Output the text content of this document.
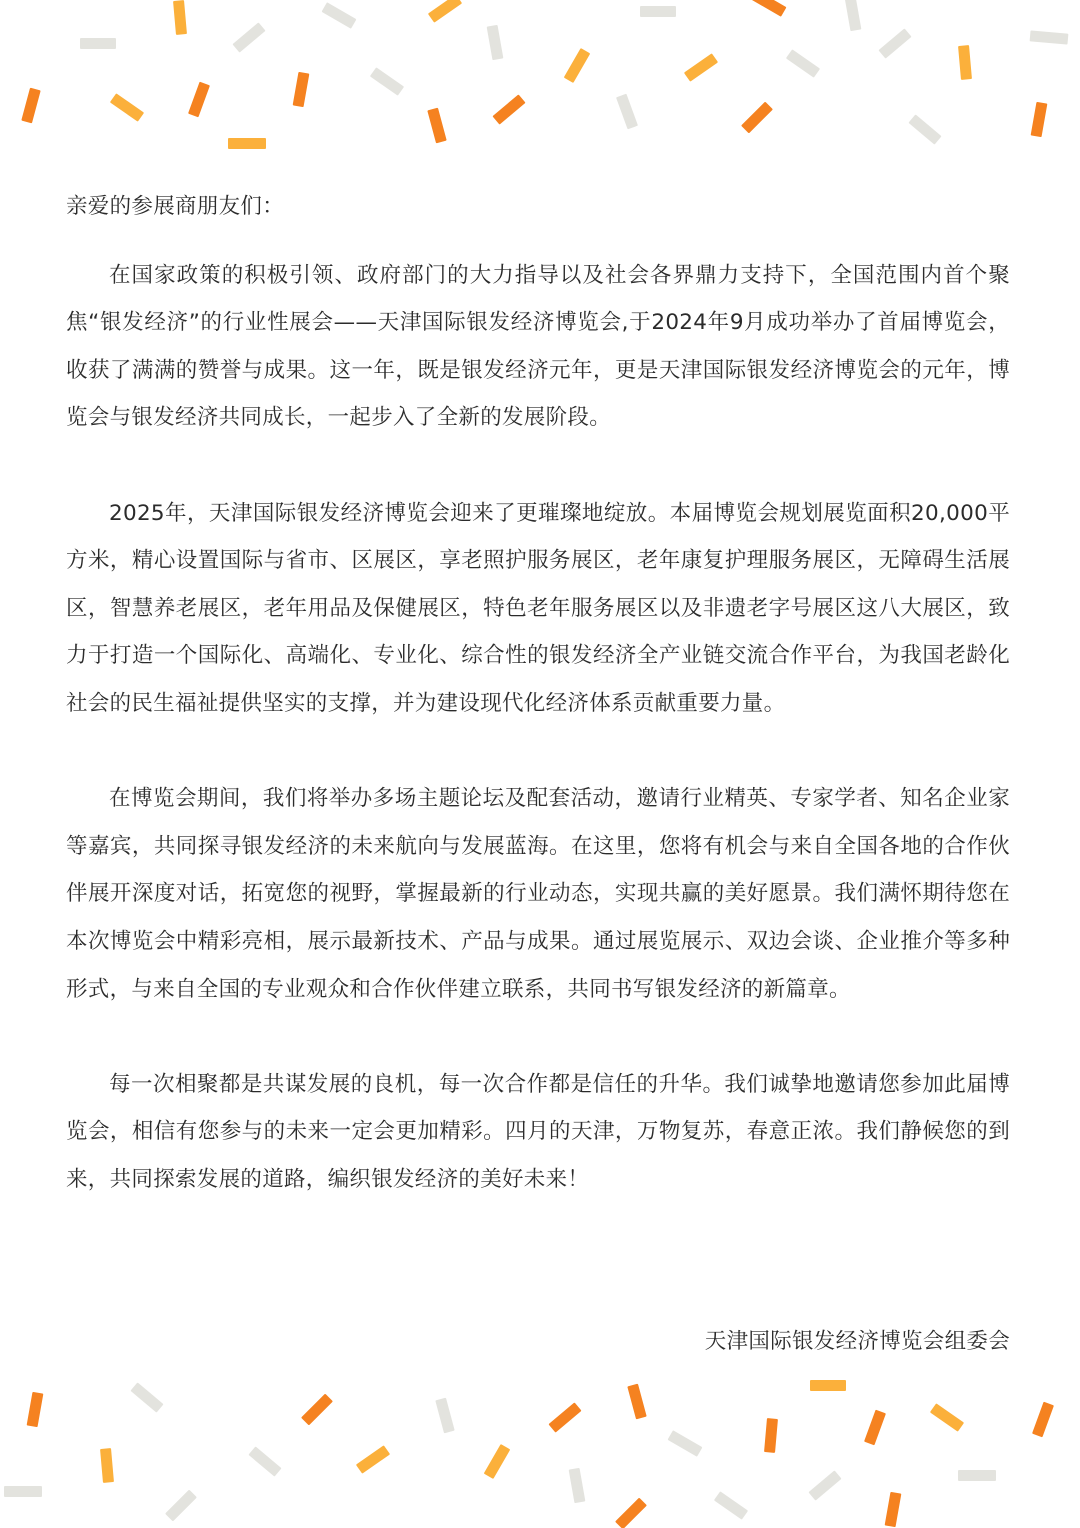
亲爱的参展商朋友们：

在国家政策的积极引领、政府部门的大力指导以及社会各界鼎力支持下，全国范围内首个聚焦“银发经济”的行业性展会——天津国际银发经济博览会,于2024年9月成功举办了首届博览会，收获了满满的赞誉与成果。这一年，既是银发经济元年，更是天津国际银发经济博览会的元年，博览会与银发经济共同成长，一起步入了全新的发展阶段。

2025年，天津国际银发经济博览会迎来了更璀璨地绽放。本届博览会规划展览面积20,000平方米，精心设置国际与省市、区展区，享老照护服务展区，老年康复护理服务展区，无障碍生活展区，智慧养老展区，老年用品及保健展区，特色老年服务展区以及非遗老字号展区这八大展区，致力于打造一个国际化、高端化、专业化、综合性的银发经济全产业链交流合作平台，为我国老龄化社会的民生福祉提供坚实的支撑，并为建设现代化经济体系贡献重要力量。

在博览会期间，我们将举办多场主题论坛及配套活动，邀请行业精英、专家学者、知名企业家等嘉宾，共同探寻银发经济的未来航向与发展蓝海。在这里，您将有机会与来自全国各地的合作伙伴展开深度对话，拓宽您的视野，掌握最新的行业动态，实现共赢的美好愿景。我们满怀期待您在本次博览会中精彩亮相，展示最新技术、产品与成果。通过展览展示、双边会谈、企业推介等多种形式，与来自全国的专业观众和合作伙伴建立联系，共同书写银发经济的新篇章。

每一次相聚都是共谋发展的良机，每一次合作都是信任的升华。我们诚挚地邀请您参加此届博览会，相信有您参与的未来一定会更加精彩。四月的天津，万物复苏，春意正浓。我们静候您的到来，共同探索发展的道路，编织银发经济的美好未来！

天津国际银发经济博览会组委会
